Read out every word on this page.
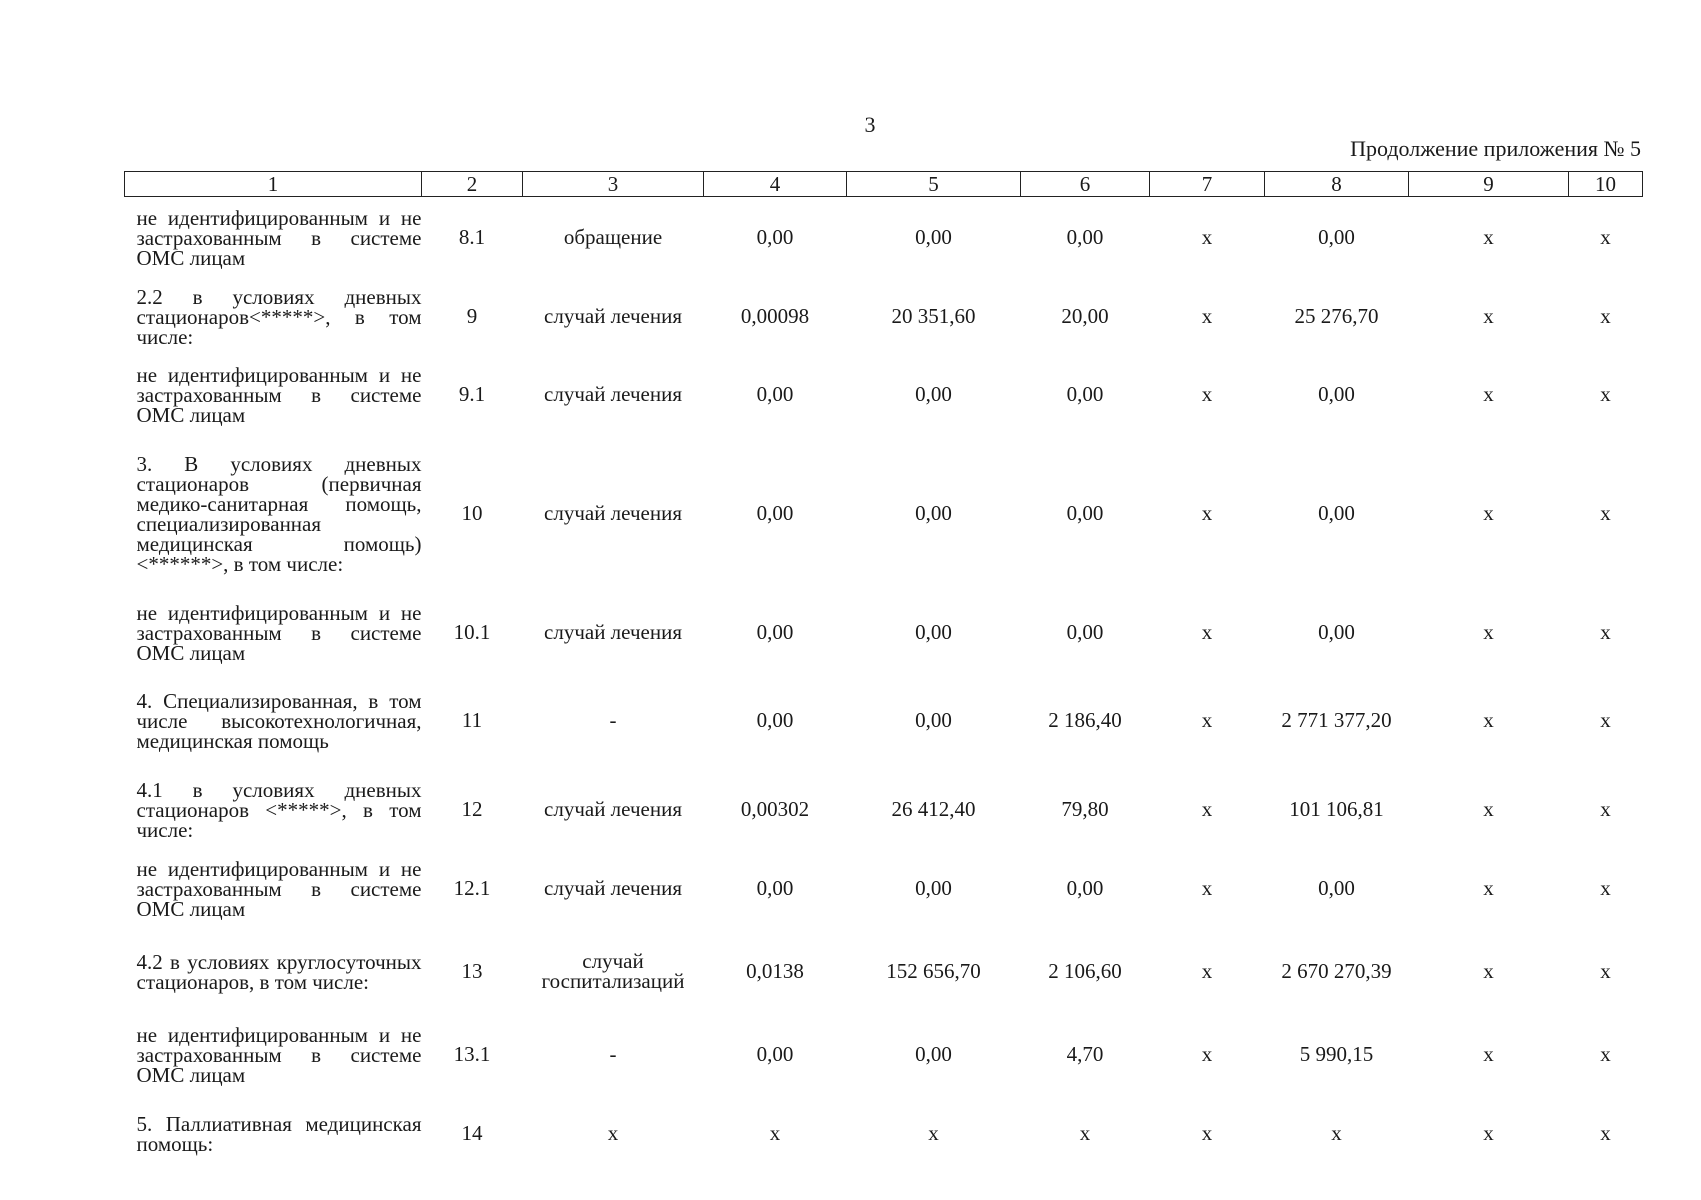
3
Продолжение приложения № 5
1	2	3	4	5	6	7	8	9	10
не идентифицированным и не застрахованным в системе ОМС лицам	8.1	обращение	0,00	0,00	0,00	х	0,00	х	х
2.2 в условиях дневных стационаров<*****>, в том числе:	9	случай лечения	0,00098	20 351,60	20,00	х	25 276,70	х	х
не идентифицированным и не застрахованным в системе ОМС лицам	9.1	случай лечения	0,00	0,00	0,00	х	0,00	х	х
3. В условиях дневных стационаров (первичная медико-санитарная помощь, специализированная медицинская помощь) <******>, в том числе:	10	случай лечения	0,00	0,00	0,00	х	0,00	х	х
не идентифицированным и не застрахованным в системе ОМС лицам	10.1	случай лечения	0,00	0,00	0,00	х	0,00	х	х
4. Специализированная, в том числе высокотехнологичная, медицинская помощь	11	-	0,00	0,00	2 186,40	х	2 771 377,20	х	х
4.1 в условиях дневных стационаров <*****>, в том числе:	12	случай лечения	0,00302	26 412,40	79,80	х	101 106,81	х	х
не идентифицированным и не застрахованным в системе ОМС лицам	12.1	случай лечения	0,00	0,00	0,00	х	0,00	х	х
4.2 в условиях круглосуточных стационаров, в том числе:	13	случай госпитализаций	0,0138	152 656,70	2 106,60	х	2 670 270,39	х	х
не идентифицированным и не застрахованным в системе ОМС лицам	13.1	-	0,00	0,00	4,70	х	5 990,15	х	х
5. Паллиативная медицинская помощь:	14	х	х	х	х	х	х	х	х
